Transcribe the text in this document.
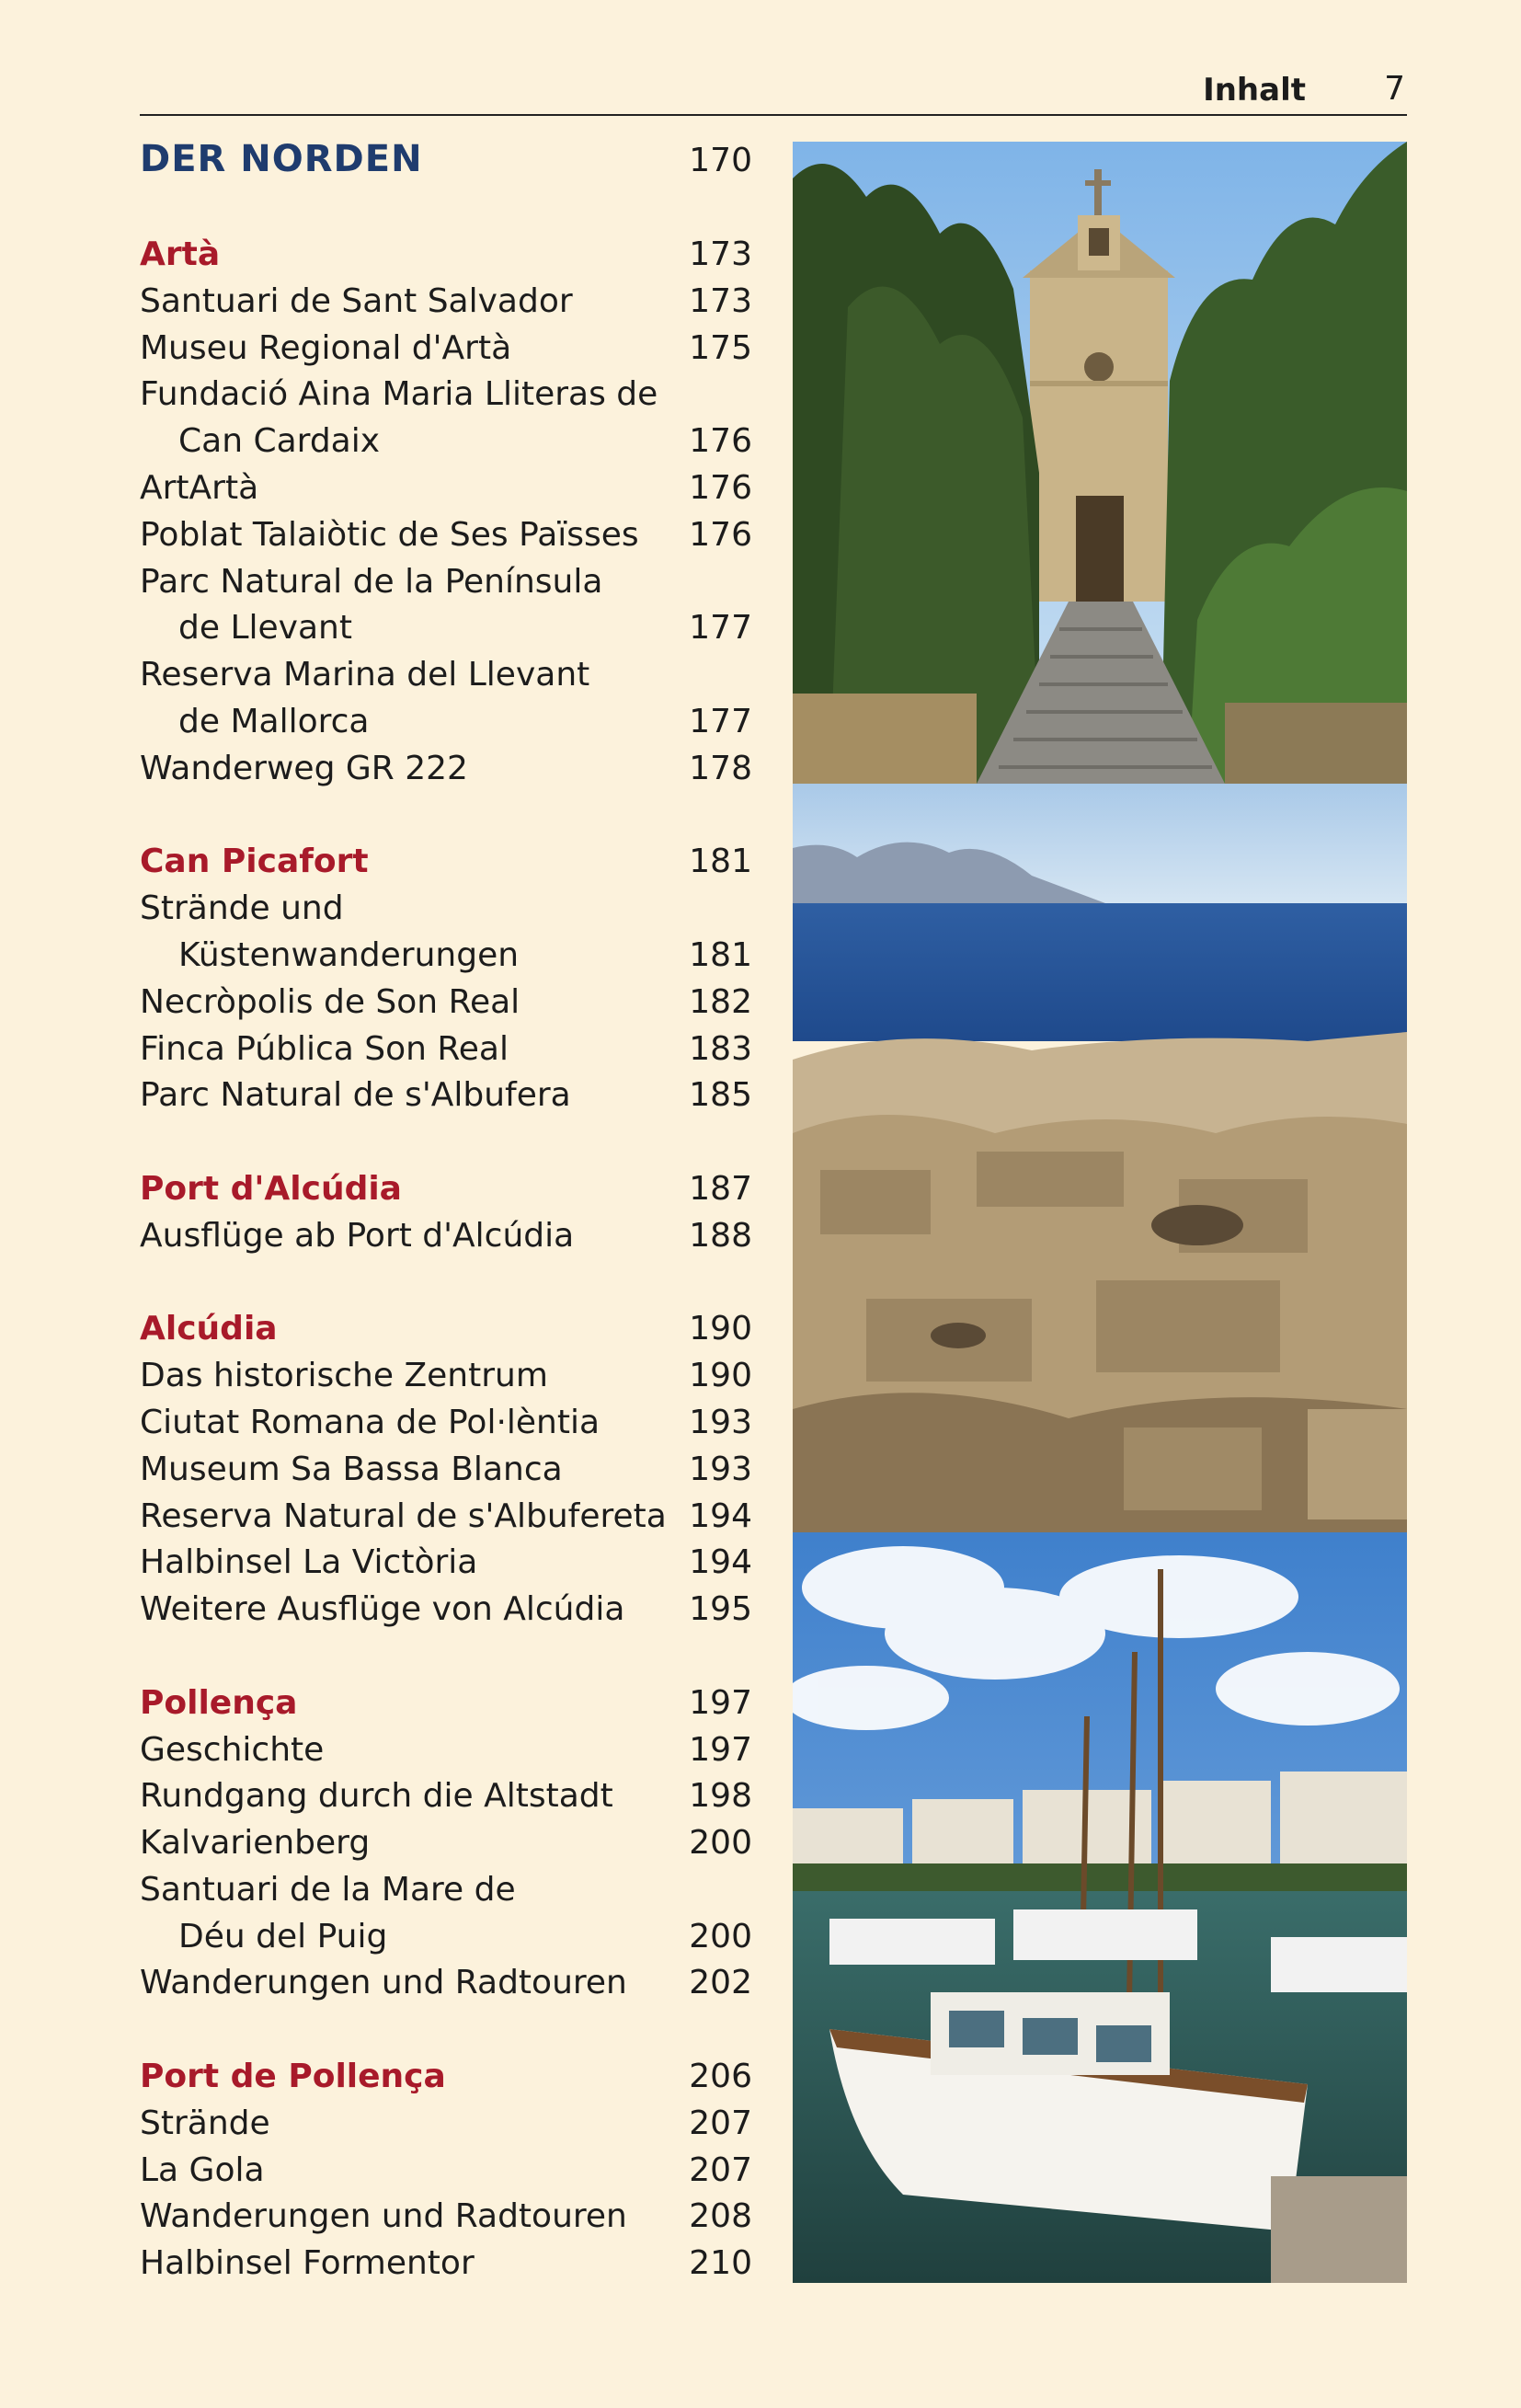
Inhalt 7
DER NORDEN	170
Artà	173
Santuari de Sant Salvador	173
Museu Regional d'Artà	175
Fundació Aina Maria Lliteras de
Can Cardaix	176
ArtArtà	176
Poblat Talaiòtic de Ses Païsses 176
Parc Natural de la Península
de Llevant	177
Reserva Marina del Llevant
de Mallorca	177
Wanderweg GR 222	178
Can Picafort	181
Strände und
Küstenwanderungen	181
Necròpolis de Son Real	182
Finca Pública Son Real	183
Parc Natural de s'Albufera	185
Port d'Alcúdia	187
Ausflüge ab Port d'Alcúdia	188
Alcúdia	190
Das historische Zentrum	190
Ciutat Romana de Pol·lèntia	193
Museum Sa Bassa Blanca	193
Reserva Natural de s'Albufereta 194
Halbinsel La Victòria	194
Weitere Ausflüge von Alcúdia 195
Pollença	197
Geschichte	197
Rundgang durch die Altstadt 198
Kalvarienberg	200
Santuari de la Mare de
Déu del Puig	200
Wanderungen und Radtouren 202
Port de Pollença	206
Strände	207
La Gola	207
Wanderungen und Radtouren 208
Halbinsel Formentor	210
